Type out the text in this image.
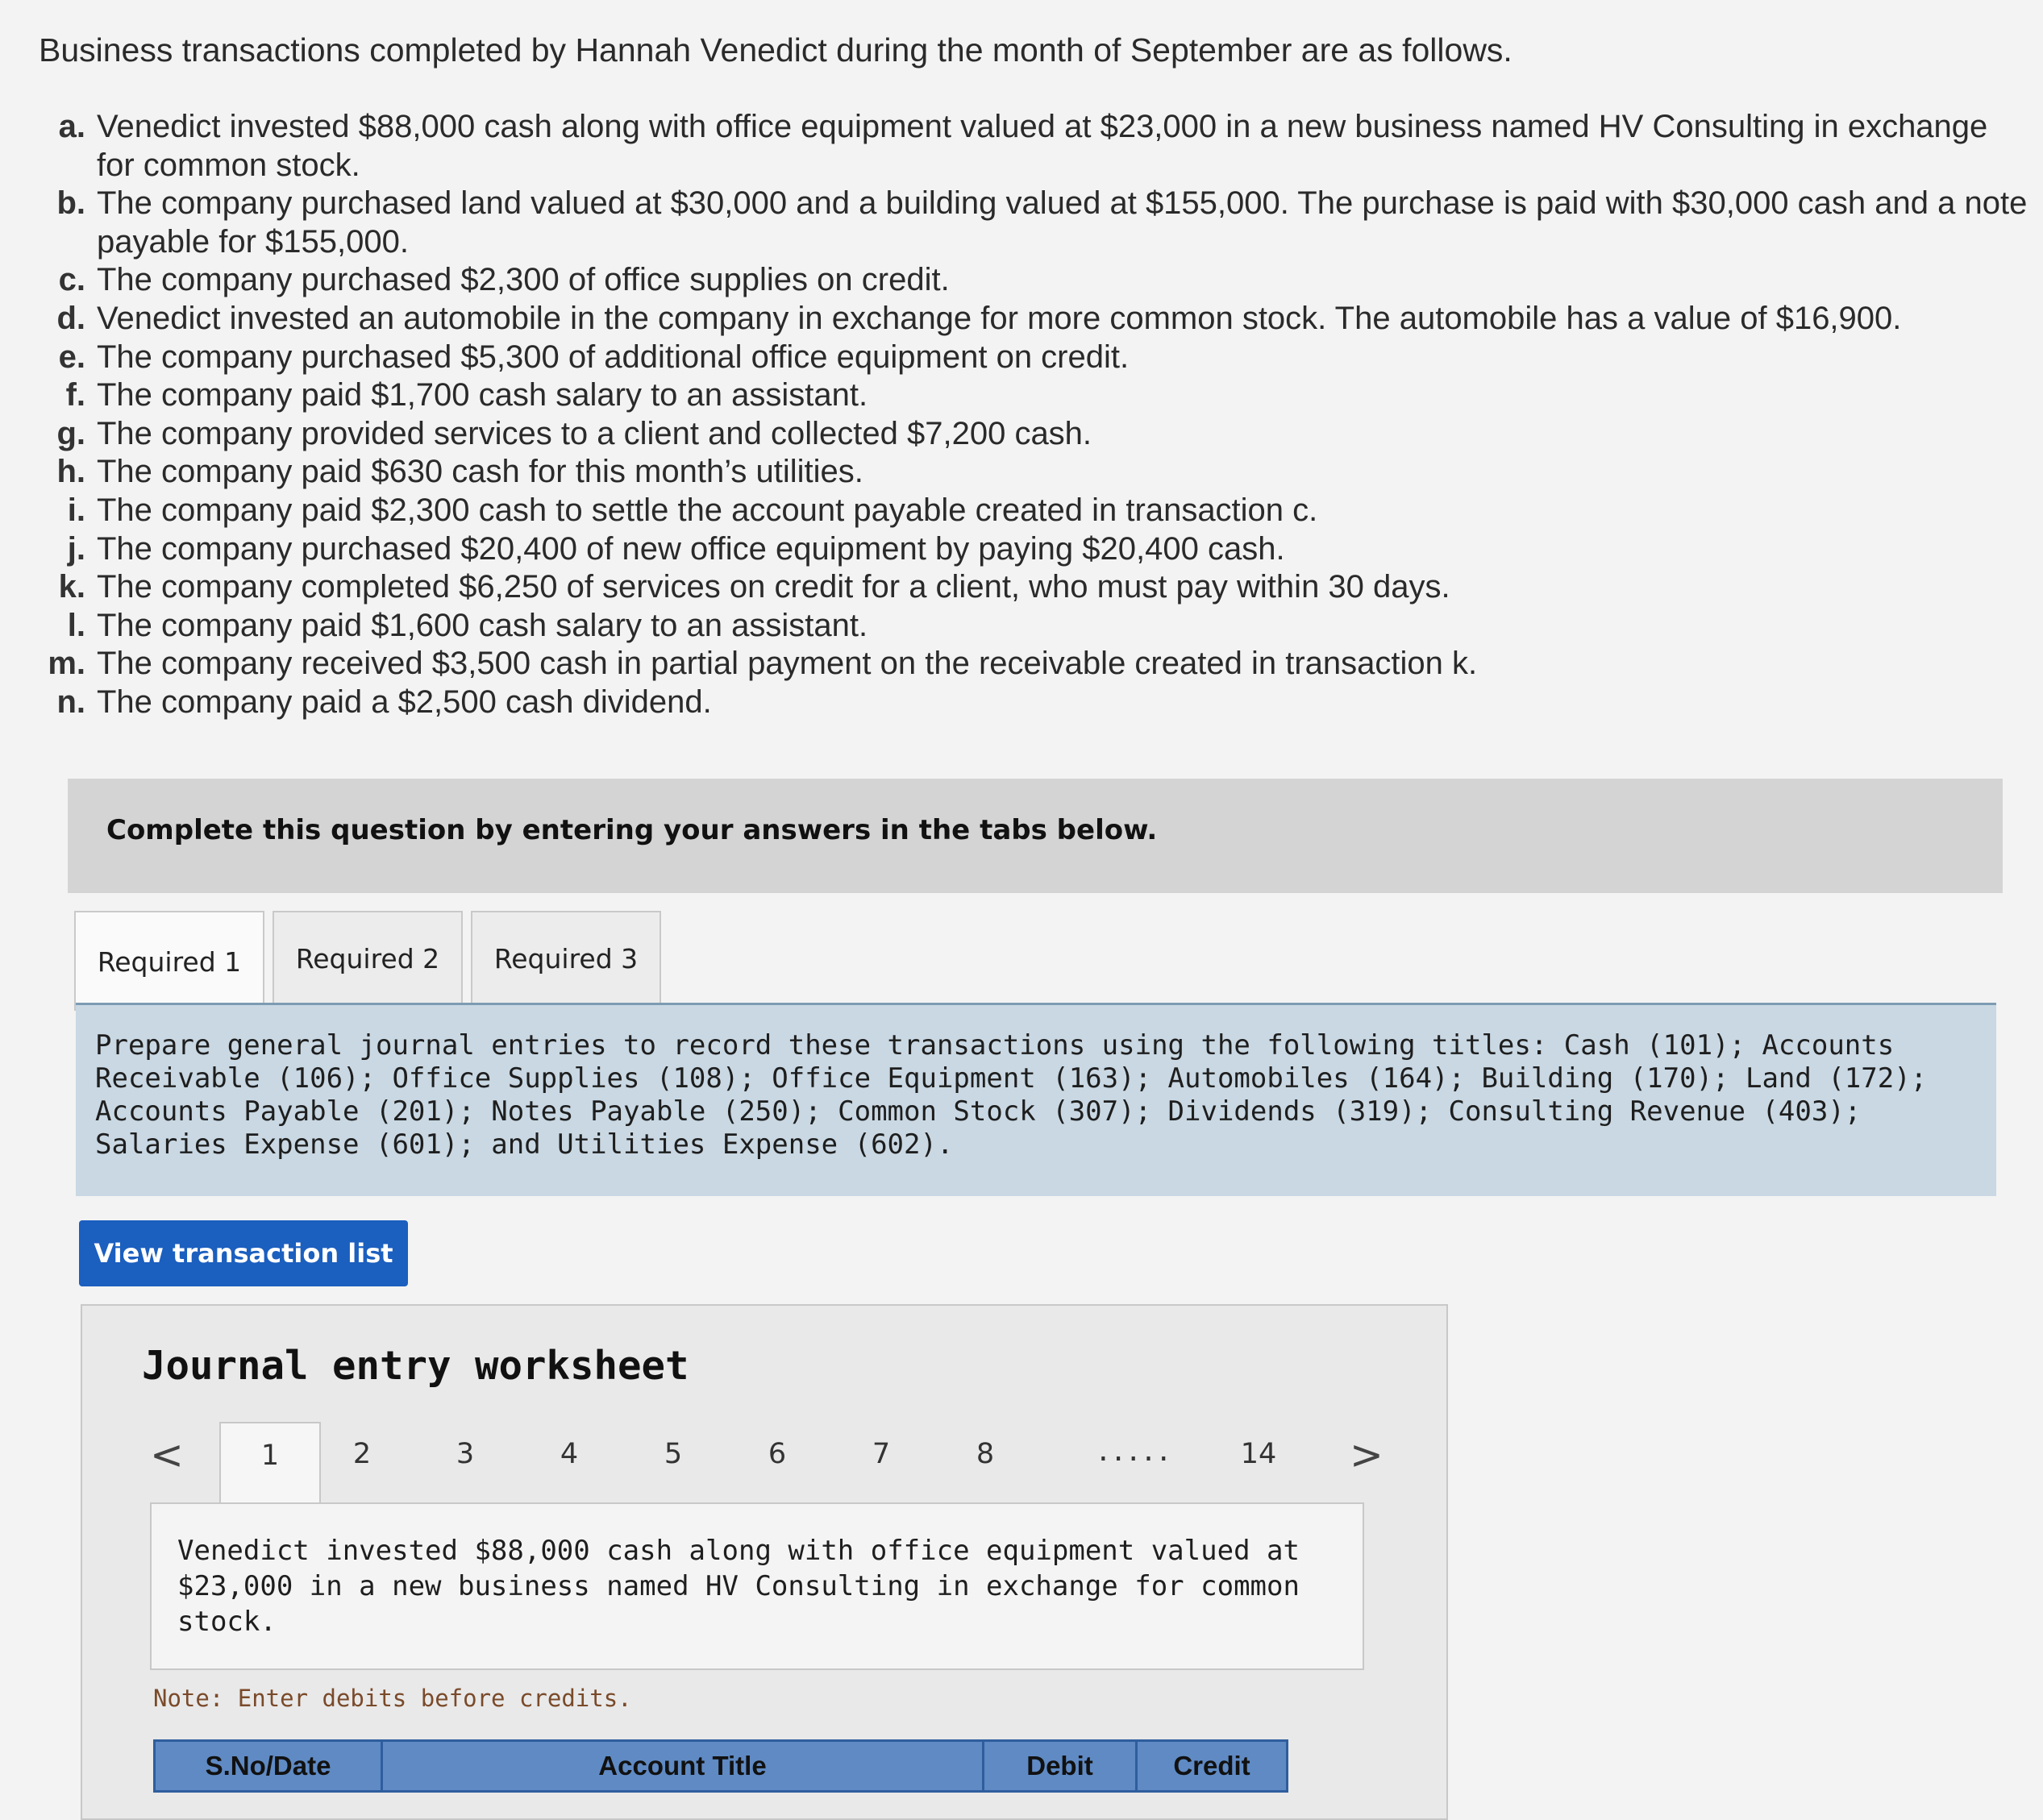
Business transactions completed by Hannah Venedict during the month of September are as follows.
a. Venedict invested $88,000 cash along with office equipment valued at $23,000 in a new business named HV Consulting in exchange for common stock.
b. The company purchased land valued at $30,000 and a building valued at $155,000. The purchase is paid with $30,000 cash and a note payable for $155,000.
c. The company purchased $2,300 of office supplies on credit.
d. Venedict invested an automobile in the company in exchange for more common stock. The automobile has a value of $16,900.
e. The company purchased $5,300 of additional office equipment on credit.
f. The company paid $1,700 cash salary to an assistant.
g. The company provided services to a client and collected $7,200 cash.
h. The company paid $630 cash for this month’s utilities.
i. The company paid $2,300 cash to settle the account payable created in transaction c.
j. The company purchased $20,400 of new office equipment by paying $20,400 cash.
k. The company completed $6,250 of services on credit for a client, who must pay within 30 days.
l. The company paid $1,600 cash salary to an assistant.
m. The company received $3,500 cash in partial payment on the receivable created in transaction k.
n. The company paid a $2,500 cash dividend.
Complete this question by entering your answers in the tabs below.
Required 1	Required 2	Required 3

Prepare general journal entries to record these transactions using the following titles: Cash (101); Accounts Receivable (106); Office Supplies (108); Office Equipment (163); Automobiles (164); Building (170); Land (172); Accounts Payable (201); Notes Payable (250); Common Stock (307); Dividends (319); Consulting Revenue (403); Salaries Expense (601); and Utilities Expense (602).

View transaction list
Journal entry worksheet
<	1	2	3	4	5	6	7	8	.....	14 >

Venedict invested $88,000 cash along with office equipment valued at $23,000 in a new business named HV Consulting in exchange for common stock.

Note: Enter debits before credits.
S.No/Date	Account Title	Debit	Credit
